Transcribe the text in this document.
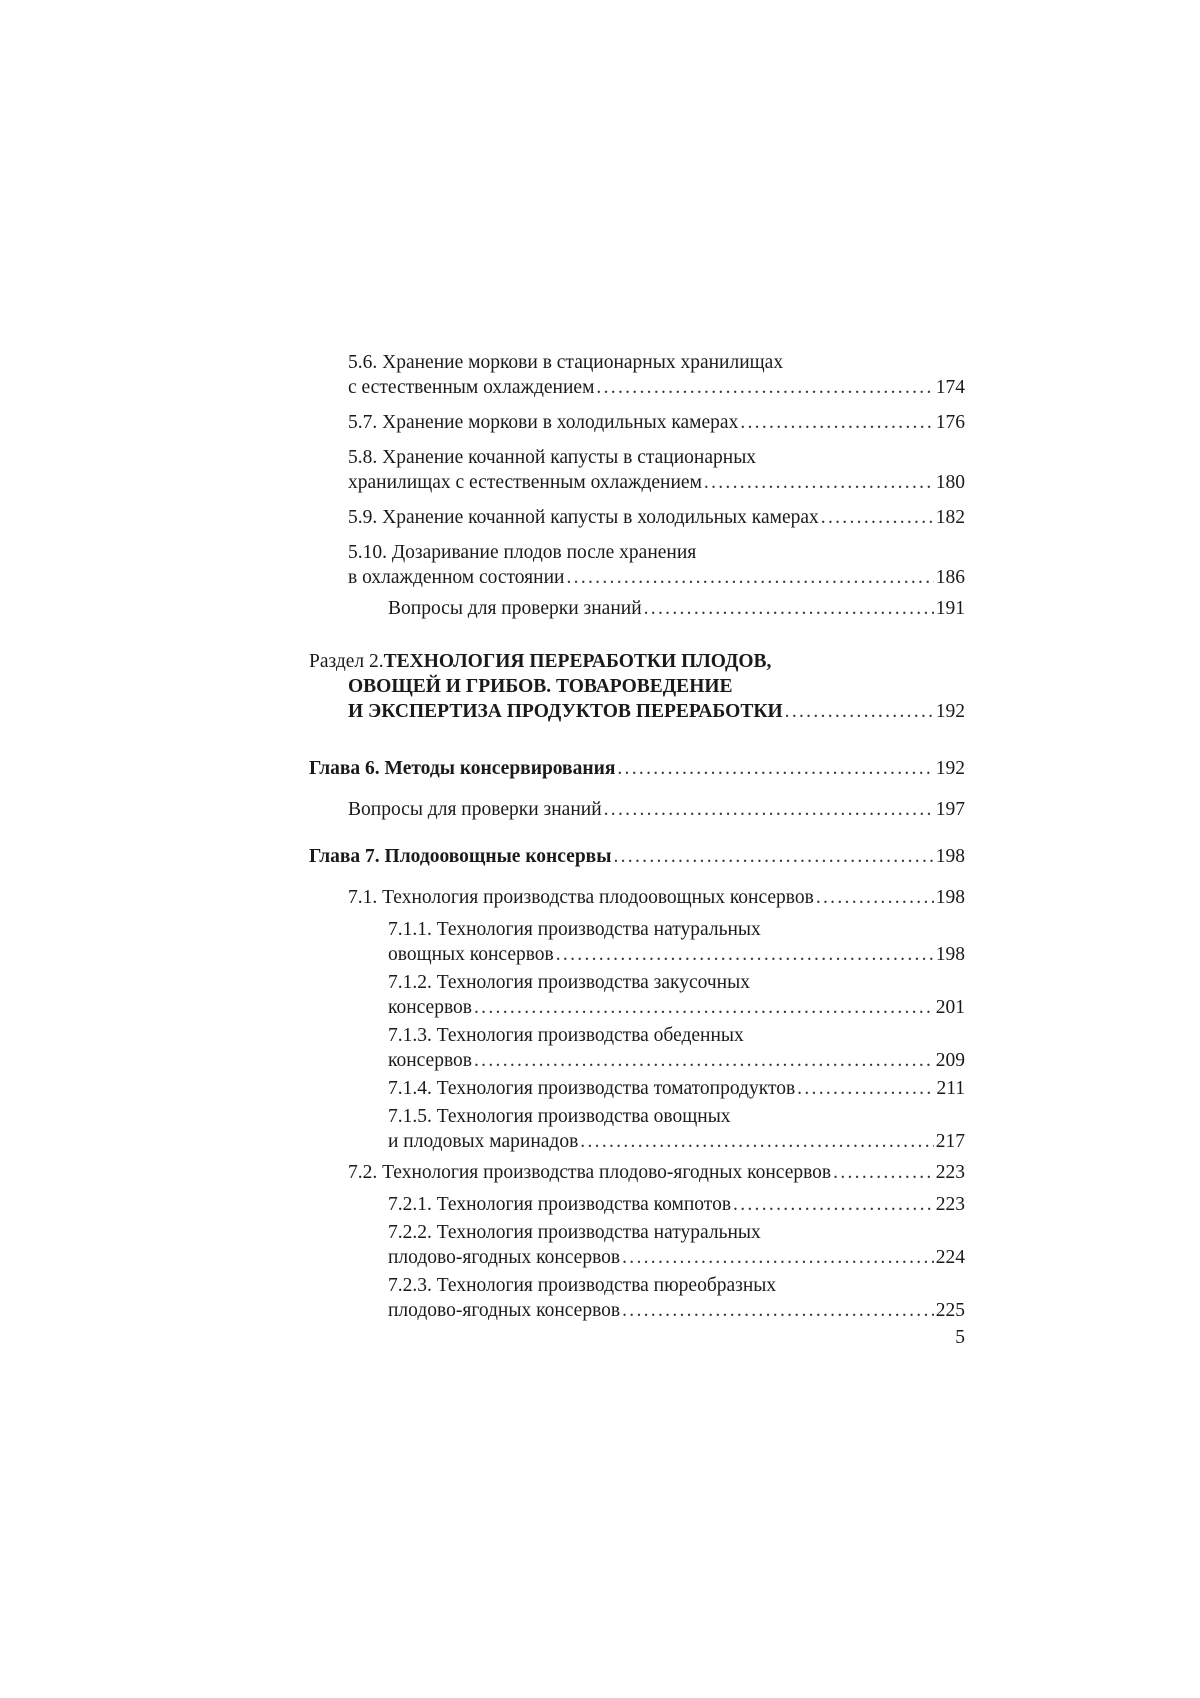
5.6. Хранение моркови в стационарных хранилищах
с естественным охлаждением .....	174
5.7. Хранение моркови в холодильных камерах .....	176
5.8. Хранение кочанной капусты в стационарных
хранилищах с естественным охлаждением .....	180
5.9. Хранение кочанной капусты в холодильных камерах .....	182
5.10. Дозаривание плодов после хранения
в охлажденном состоянии .....	186
Вопросы для проверки знаний .....	191
Раздел 2. ТЕХНОЛОГИЯ ПЕРЕРАБОТКИ ПЛОДОВ,
ОВОЩЕЙ И ГРИБОВ. ТОВАРОВЕДЕНИЕ
И ЭКСПЕРТИЗА ПРОДУКТОВ ПЕРЕРАБОТКИ .....	192
Глава 6. Методы консервирования .....	192
Вопросы для проверки знаний .....	197
Глава 7. Плодоовощные консервы .....	198
7.1. Технология производства плодоовощных консервов .....	198
7.1.1. Технология производства натуральных
овощных консервов .....	198
7.1.2. Технология производства закусочных
консервов .....	201
7.1.3. Технология производства обеденных
консервов .....	209
7.1.4. Технология производства томатопродуктов .....	211
7.1.5. Технология производства овощных
и плодовых маринадов .....	217
7.2. Технология производства плодово-ягодных консервов .....	223
7.2.1. Технология производства компотов .....	223
7.2.2. Технология производства натуральных
плодово-ягодных консервов .....	224
7.2.3. Технология производства пюреобразных
плодово-ягодных консервов .....	225
5
